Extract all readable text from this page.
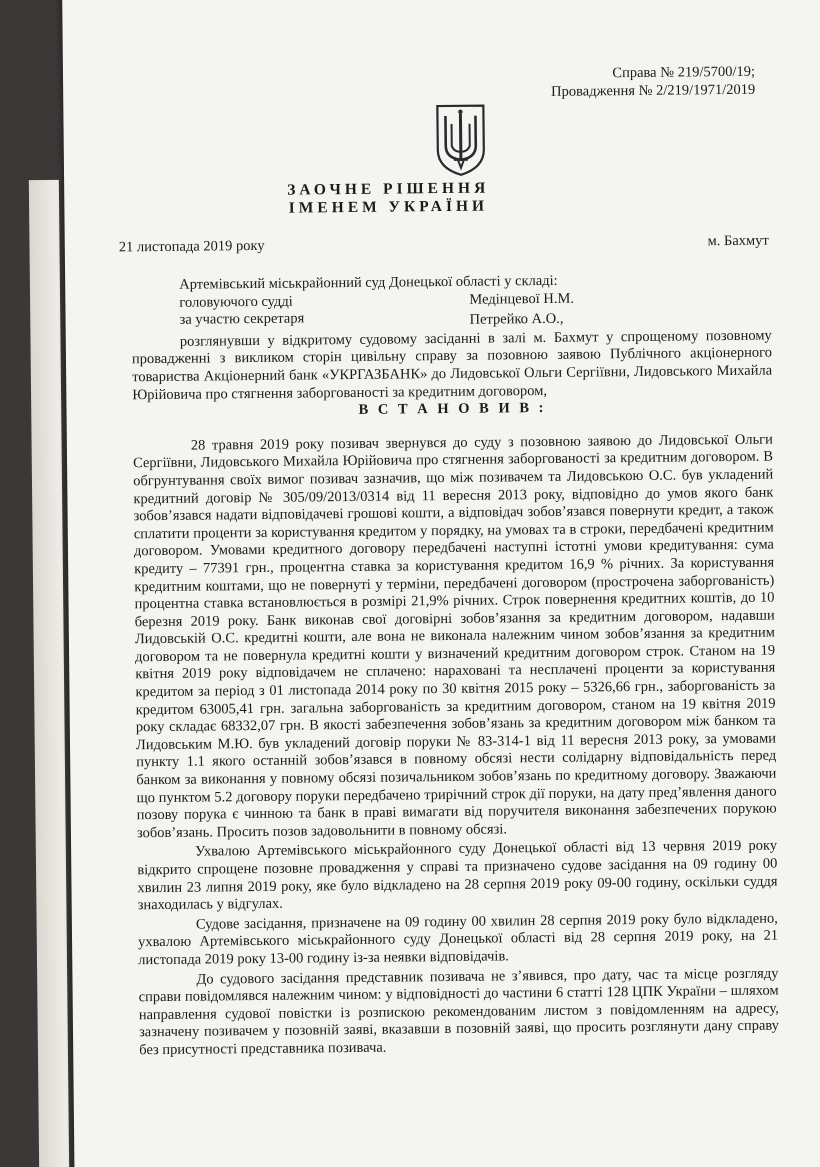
Справа № 219/5700/19;
Провадження № 2/219/1971/2019
ЗАОЧНЕ РІШЕННЯ
ІМЕНЕМ УКРАЇНИ
21 листопада 2019 року	м. Бахмут
Артемівський міськрайонний суд Донецької області у складі:
головуючого судді	Медінцевої Н.М.
за участю секретаря	Петрейко А.О.,

розглянувши у відкритому судовому засіданні в залі м. Бахмут у спрощеному позовному провадженні з викликом сторін цивільну справу за позовною заявою Публічного акціонерного товариства Акціонерний банк «УКРГАЗБАНК» до Лидовської Ольги Сергіївни, Лидовського Михайла Юрійовича про стягнення заборгованості за кредитним договором,

В С Т А Н О В И В :

28 травня 2019 року позивач звернувся до суду з позовною заявою до Лидовської Ольги Сергіївни, Лидовського Михайла Юрійовича про стягнення заборгованості за кредитним договором. В обгрунтування своїх вимог позивач зазначив, що між позивачем та Лидовською О.С. був укладений кредитний договір № 305/09/2013/0314 від 11 вересня 2013 року, відповідно до умов якого банк зобов’язався надати відповідачеві грошові кошти, а відповідач зобов’язався повернути кредит, а також сплатити проценти за користування кредитом у порядку, на умовах та в строки, передбачені кредитним договором. Умовами кредитного договору передбачені наступні істотні умови кредитування: сума кредиту – 77391 грн., процентна ставка за користування кредитом 16,9 % річних. За користування кредитним коштами, що не повернуті у терміни, передбачені договором (прострочена заборгованість) процентна ставка встановлюється в розмірі 21,9% річних. Строк повернення кредитних коштів, до 10 березня 2019 року. Банк виконав свої договірні зобов’язання за кредитним договором, надавши Лидовській О.С. кредитні кошти, але вона не виконала належним чином зобов’язання за кредитним договором та не повернула кредитні кошти у визначений кредитним договором строк. Станом на 19 квітня 2019 року відповідачем не сплачено: нараховані та несплачені проценти за користування кредитом за період з 01 листопада 2014 року по 30 квітня 2015 року – 5326,66 грн., заборгованість за кредитом 63005,41 грн. загальна заборгованість за кредитним договором, станом на 19 квітня 2019 року складає 68332,07 грн. В якості забезпечення зобов’язань за кредитним договором між банком та Лидовським М.Ю. був укладений договір поруки № 83-314-1 від 11 вересня 2013 року, за умовами пункту 1.1 якого останній зобов’язався в повному обсязі нести солідарну відповідальність перед банком за виконання у повному обсязі позичальником зобов’язань по кредитному договору. Зважаючи що пунктом 5.2 договору поруки передбачено трирічний строк дії поруки, на дату пред’явлення даного позову порука є чинною та банк в праві вимагати від поручителя виконання забезпечених порукою зобов’язань. Просить позов задовольнити в повному обсязі.

Ухвалою Артемівського міськрайонного суду Донецької області від 13 червня 2019 року відкрито спрощене позовне провадження у справі та призначено судове засідання на 09 годину 00 хвилин 23 липня 2019 року, яке було відкладено на 28 серпня 2019 року 09-00 годину, оскільки суддя знаходилась у відгулах.

Судове засідання, призначене на 09 годину 00 хвилин 28 серпня 2019 року було відкладено, ухвалою Артемівського міськрайонного суду Донецької області від 28 серпня 2019 року, на 21 листопада 2019 року 13-00 годину із-за неявки відповідачів.

До судового засідання представник позивача не з’явився, про дату, час та місце розгляду справи повідомлявся належним чином: у відповідності до частини 6 статті 128 ЦПК України – шляхом направлення судової повістки із розпискою рекомендованим листом з повідомленням на адресу, зазначену позивачем у позовній заяві, вказавши в позовній заяві, що просить розглянути дану справу без присутності представника позивача.
